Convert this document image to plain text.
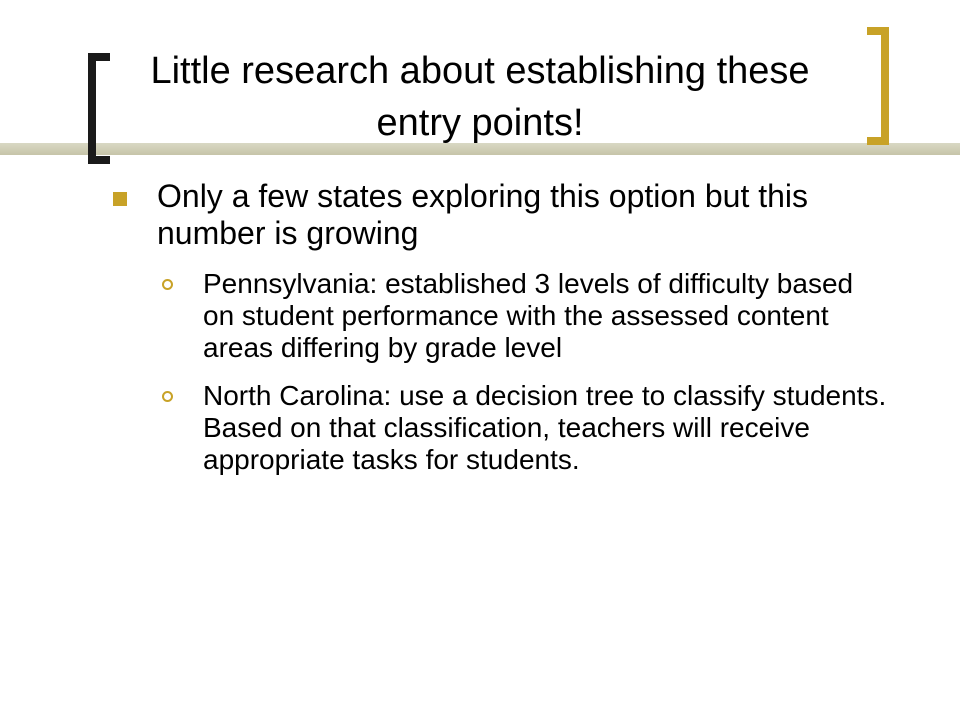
Little research about establishing these entry points!
Only a few states exploring this option but this number is growing
Pennsylvania: established 3 levels of difficulty based on student performance with the assessed content areas differing by grade level
North Carolina: use a decision tree to classify students. Based on that classification, teachers will receive appropriate tasks for students.
